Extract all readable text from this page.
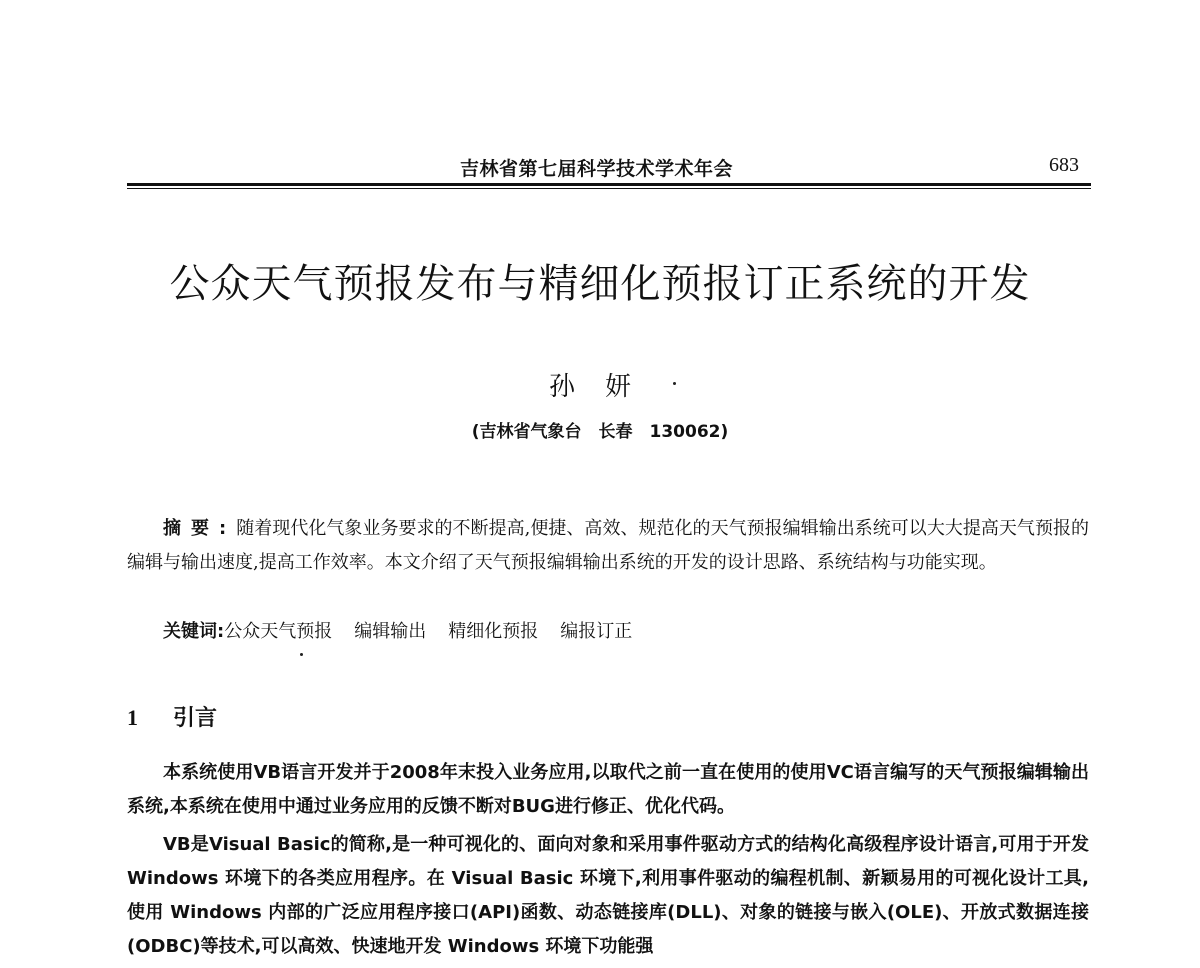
吉林省第七届科学技术学术年会	683
公众天气预报发布与精细化预报订正系统的开发
孙妍
(吉林省气象台　长春　130062)
摘要:随着现代化气象业务要求的不断提高,便捷、高效、规范化的天气预报编辑输出系统可以大大提高天气预报的编辑与输出速度,提高工作效率。本文介绍了天气预报编辑输出系统的开发的设计思路、系统结构与功能实现。
关键词:公众天气预报 编辑输出 精细化预报 编报订正
1 引言

本系统使用VB语言开发并于2008年末投入业务应用,以取代之前一直在使用的使用VC语言编写的天气预报编辑输出系统,本系统在使用中通过业务应用的反馈不断对BUG进行修正、优化代码。

VB是Visual Basic的简称,是一种可视化的、面向对象和采用事件驱动方式的结构化高级程序设计语言,可用于开发 Windows 环境下的各类应用程序。在 Visual Basic 环境下,利用事件驱动的编程机制、新颖易用的可视化设计工具,使用 Windows 内部的广泛应用程序接口(API)函数、动态链接库(DLL)、对象的链接与嵌入(OLE)、开放式数据连接(ODBC)等技术,可以高效、快速地开发 Windows 环境下功能强
